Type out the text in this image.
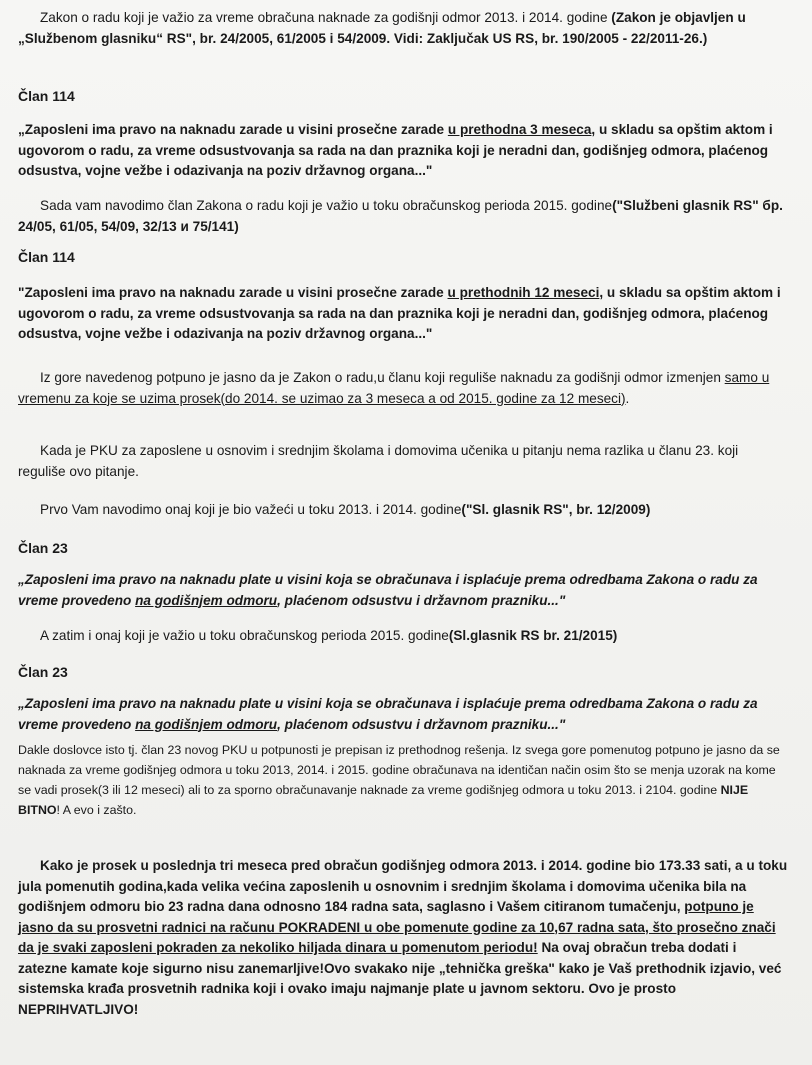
Zakon o radu koji je važio za vreme obračuna naknade za godišnji odmor 2013. i 2014. godine (Zakon je objavljen u „Službenom glasniku“ RS", br. 24/2005, 61/2005 i 54/2009. Vidi: Zaključak US RS, br. 190/2005 - 22/2011-26.)

Član 114

„Zaposleni ima pravo na naknadu zarade u visini prosečne zarade u prethodna 3 meseca, u skladu sa opštim aktom i ugovorom o radu, za vreme odsustvovanja sa rada na dan praznika koji je neradni dan, godišnjeg odmora, plaćenog odsustva, vojne vežbe i odazivanja na poziv državnog organa..."

Sada vam navodimo član Zakona o radu koji je važio u toku obračunskog perioda 2015. godine("Službeni glasnik RS" бр. 24/05, 61/05, 54/09, 32/13 и 75/141)

Član 114

"Zaposleni ima pravo na naknadu zarade u visini prosečne zarade u prethodnih 12 meseci, u skladu sa opštim aktom i ugovorom o radu, za vreme odsustvovanja sa rada na dan praznika koji je neradni dan, godišnjeg odmora, plaćenog odsustva, vojne vežbe i odazivanja na poziv državnog organa..."

Iz gore navedenog potpuno je jasno da je Zakon o radu,u članu koji reguliše naknadu za godišnji odmor izmenjen samo u vremenu za koje se uzima prosek(do 2014. se uzimao za 3 meseca a od 2015. godine za 12 meseci).

Kada je PKU za zaposlene u osnovim i srednjim školama i domovima učenika u pitanju nema razlika u članu 23. koji reguliše ovo pitanje.

Prvo Vam navodimo onaj koji je bio važeći u toku 2013. i 2014. godine("Sl. glasnik RS", br. 12/2009)

Član 23

„Zaposleni ima pravo na naknadu plate u visini koja se obračunava i isplaćuje prema odredbama Zakona o radu za vreme provedeno na godišnjem odmoru, plaćenom odsustvu i državnom prazniku..."

A zatim i onaj koji je važio u toku obračunskog perioda 2015. godine(Sl.glasnik RS br. 21/2015)

Član 23

„Zaposleni ima pravo na naknadu plate u visini koja se obračunava i isplaćuje prema odredbama Zakona o radu za vreme provedeno na godišnjem odmoru, plaćenom odsustvu i državnom prazniku..."

Dakle doslovce isto tj. član 23 novog PKU u potpunosti je prepisan iz prethodnog rešenja. Iz svega gore pomenutog potpuno je jasno da se naknada za vreme godišnjeg odmora u toku 2013, 2014. i 2015. godine obračunava na identičan način osim što se menja uzorak na kome se vadi prosek(3 ili 12 meseci) ali to za sporno obračunavanje naknade za vreme godišnjeg odmora u toku 2013. i 2104. godine NIJE BITNO! A evo i zašto.

Kako je prosek u poslednja tri meseca pred obračun godišnjeg odmora 2013. i 2014. godine bio 173.33 sati, a u toku jula pomenutih godina,kada velika većina zaposlenih u osnovnim i srednjim školama i domovima učenika bila na godišnjem odmoru bio 23 radna dana odnosno 184 radna sata, saglasno i Vašem citiranom tumačenju, potpuno je jasno da su prosvetni radnici na računu POKRADENI u obe pomenute godine za 10,67 radna sata, što prosečno znači da je svaki zaposleni pokraden za nekoliko hiljada dinara u pomenutom periodu! Na ovaj obračun treba dodati i zatezne kamate koje sigurno nisu zanemarljive!Ovo svakako nije „tehnička greška" kako je Vaš prethodnik izjavio, već sistemska krađa prosvetnih radnika koji i ovako imaju najmanje plate u javnom sektoru. Ovo je prosto NEPRIHVATLJIVO!
